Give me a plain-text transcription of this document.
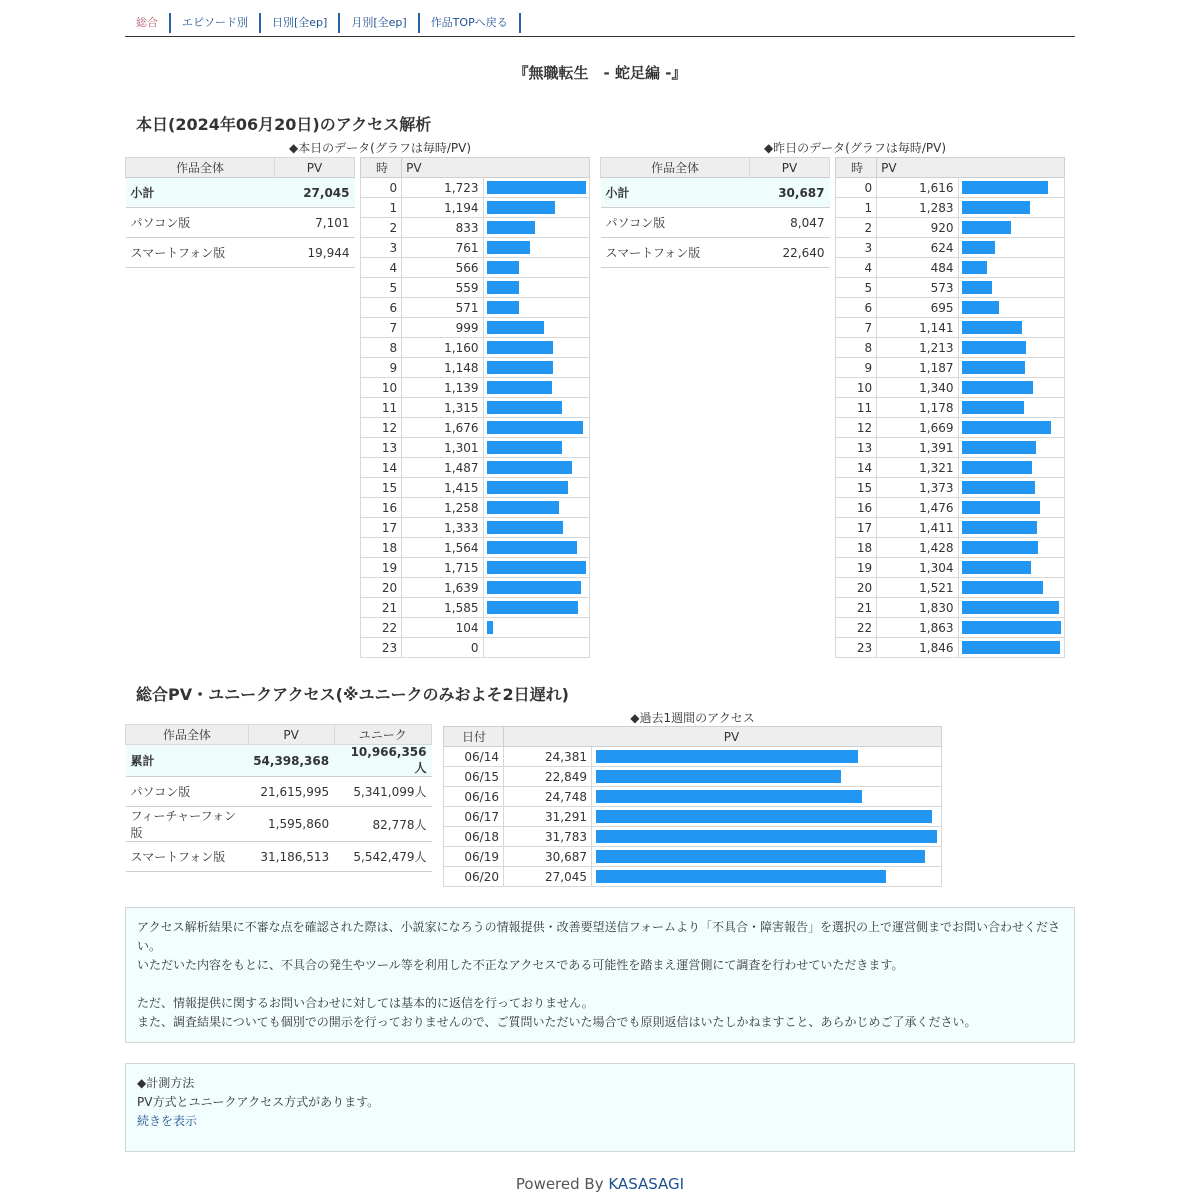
総合	エピソード別	日別[全ep]	月別[全ep]	作品TOPへ戻る
『無職転生　- 蛇足編 -』
本日(2024年06月20日)のアクセス解析
◆本日のデータ(グラフは毎時/PV)	◆昨日のデータ(グラフは毎時/PV)
作品全体	PV
小計	27,045
パソコン版	7,101
スマートフォン版	19,944
時	PV	
0	1,723	

1	1,194	

2	833	

3	761	

4	566	

5	559	

6	571	

7	999	

8	1,160	

9	1,148	

10	1,139	

11	1,315	

12	1,676	

13	1,301	

14	1,487	

15	1,415	

16	1,258	

17	1,333	

18	1,564	

19	1,715	

20	1,639	

21	1,585	

22	104	

23	0	
作品全体	PV
小計	30,687
パソコン版	8,047
スマートフォン版	22,640
時	PV	
0	1,616	

1	1,283	

2	920	

3	624	

4	484	

5	573	

6	695	

7	1,141	

8	1,213	

9	1,187	

10	1,340	

11	1,178	

12	1,669	

13	1,391	

14	1,321	

15	1,373	

16	1,476	

17	1,411	

18	1,428	

19	1,304	

20	1,521	

21	1,830	

22	1,863	

23	1,846	
総合PV・ユニークアクセス(※ユニークのみおよそ2日遅れ)
作品全体	PV	ユニーク
累計	54,398,368	10,966,356人
パソコン版	21,615,995	5,341,099人
フィーチャーフォン版	1,595,860	82,778人
スマートフォン版	31,186,513	5,542,479人
◆過去1週間のアクセス
日付	PV	
06/14	24,381	

06/15	22,849	

06/16	24,748	

06/17	31,291	

06/18	31,783	

06/19	30,687	

06/20	27,045	
アクセス解析結果に不審な点を確認された際は、小説家になろうの情報提供・改善要望送信フォームより「不具合・障害報告」を選択の上で運営側までお問い合わせください。
いただいた内容をもとに、不具合の発生やツール等を利用した不正なアクセスである可能性を踏まえ運営側にて調査を行わせていただきます。
ただ、情報提供に関するお問い合わせに対しては基本的に返信を行っておりません。
また、調査結果についても個別での開示を行っておりませんので、ご質問いただいた場合でも原則返信はいたしかねますこと、あらかじめご了承ください。
◆計測方法
PV方式とユニークアクセス方式があります。
続きを表示
Powered By KASASAGI
